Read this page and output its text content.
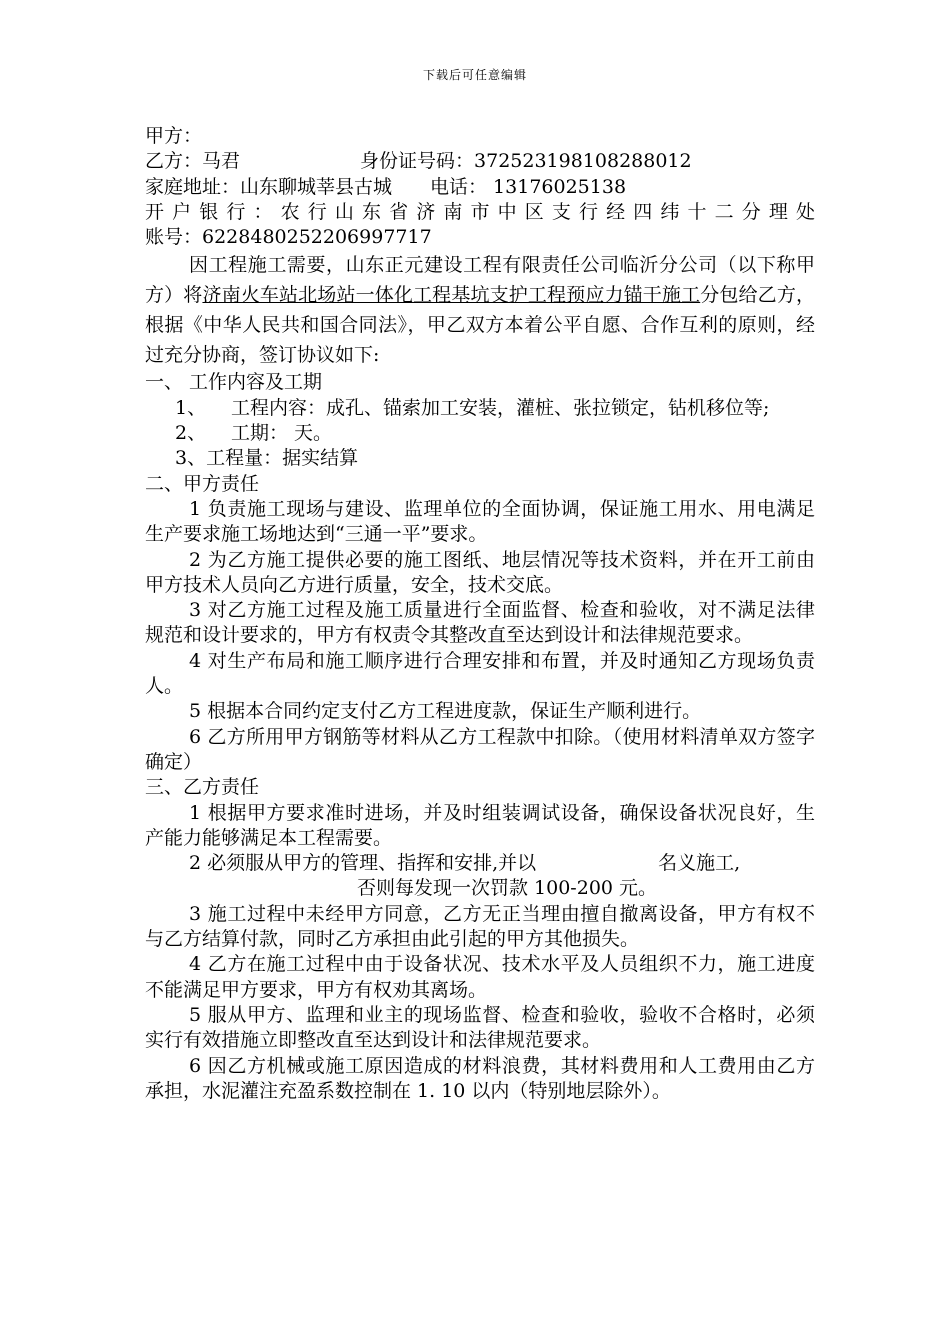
下载后可任意编辑
甲方：
乙方：马君	身份证号码：372523198108288012
家庭地址：山东聊城莘县古城 电话： 13176025138
开户银行：农行山东省济南市中区支行经四纬十二分理处
账号：6228480252206997717
因工程施工需要，山东正元建设工程有限责任公司临沂分公司（以下称甲方）将济南火车站北场站一体化工程基坑支护工程预应力锚干施工分包给乙方，根据《中华人民共和国合同法》，甲乙双方本着公平自愿、合作互利的原则，经过充分协商，签订协议如下:
一、 工作内容及工期
1、	工程内容：成孔、锚索加工安装，灌桩、张拉锁定，钻机移位等;
2、	工期： 天。
3、工程量：据实结算
二、甲方责任
1 负责施工现场与建设、监理单位的全面协调，保证施工用水、用电满足生产要求施工场地达到“三通一平”要求。
2 为乙方施工提供必要的施工图纸、地层情况等技术资料，并在开工前由甲方技术人员向乙方进行质量，安全，技术交底。
3 对乙方施工过程及施工质量进行全面监督、检查和验收，对不满足法律规范和设计要求的，甲方有权责令其整改直至达到设计和法律规范要求。
4 对生产布局和施工顺序进行合理安排和布置，并及时通知乙方现场负责人。
5 根据本合同约定支付乙方工程进度款，保证生产顺利进行。
6 乙方所用甲方钢筋等材料从乙方工程款中扣除。（使用材料清单双方签字确定）
三、乙方责任
1 根据甲方要求准时进场，并及时组装调试设备，确保设备状况良好，生产能力能够满足本工程需要。
2 必须服从甲方的管理、指挥和安排,并以	名义施工,
否则每发现一次罚款 100-200 元。
3 施工过程中未经甲方同意，乙方无正当理由擅自撤离设备，甲方有权不与乙方结算付款，同时乙方承担由此引起的甲方其他损失。
4 乙方在施工过程中由于设备状况、技术水平及人员组织不力，施工进度不能满足甲方要求，甲方有权劝其离场。
5 服从甲方、监理和业主的现场监督、检查和验收，验收不合格时，必须实行有效措施立即整改直至达到设计和法律规范要求。
6 因乙方机械或施工原因造成的材料浪费，其材料费用和人工费用由乙方承担，水泥灌注充盈系数控制在 1. 10 以内（特别地层除外）。
